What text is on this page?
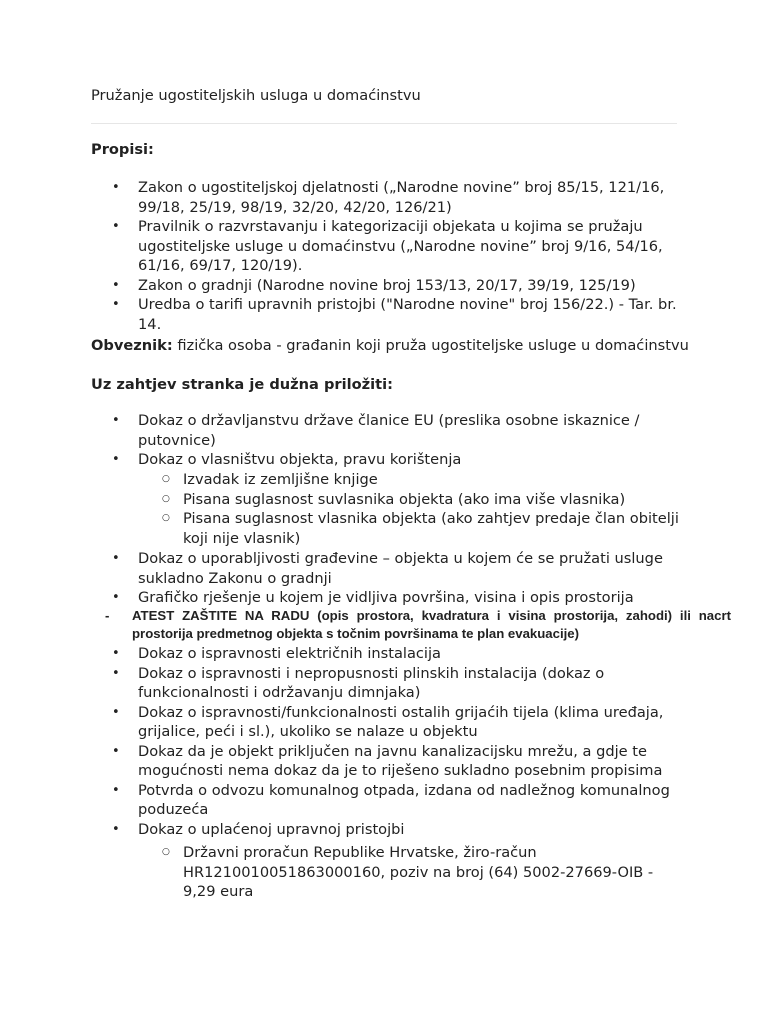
Pružanje ugostiteljskih usluga u domaćinstvu
Propisi:
• Zakon o ugostiteljskoj djelatnosti („Narodne novine” broj 85/15, 121/16, 99/18, 25/19, 98/19, 32/20, 42/20, 126/21)
• Pravilnik o razvrstavanju i kategorizaciji objekata u kojima se pružaju ugostiteljske usluge u domaćinstvu („Narodne novine” broj 9/16, 54/16, 61/16, 69/17, 120/19).
• Zakon o gradnji (Narodne novine broj 153/13, 20/17, 39/19, 125/19)
• Uredba o tarifi upravnih pristojbi ("Narodne novine" broj 156/22.) - Tar. br. 14.

Obveznik: fizička osoba - građanin koji pruža ugostiteljske usluge u domaćinstvu

Uz zahtjev stranka je dužna priložiti:
• Dokaz o državljanstvu države članice EU (preslika osobne iskaznice / putovnice)
• Dokaz o vlasništvu objekta, pravu korištenja
○ Izvadak iz zemljišne knjige
○ Pisana suglasnost suvlasnika objekta (ako ima više vlasnika)
○ Pisana suglasnost vlasnika objekta (ako zahtjev predaje član obitelji koji nije vlasnik)
• Dokaz o uporabljivosti građevine – objekta u kojem će se pružati usluge sukladno Zakonu o gradnji
• Grafičko rješenje u kojem je vidljiva površina, visina i opis prostorija

-	ATEST ZAŠTITE NA RADU (opis prostora, kvadratura i visina prostorija, zahodi) ili nacrt prostorija predmetnog objekta s točnim površinama te plan evakuacije)

• Dokaz o ispravnosti električnih instalacija
• Dokaz o ispravnosti i nepropusnosti plinskih instalacija (dokaz o funkcionalnosti i održavanju dimnjaka)
• Dokaz o ispravnosti/funkcionalnosti ostalih grijaćih tijela (klima uređaja, grijalice, peći i sl.), ukoliko se nalaze u objektu
• Dokaz da je objekt priključen na javnu kanalizacijsku mrežu, a gdje te mogućnosti nema dokaz da je to riješeno sukladno posebnim propisima
• Potvrda o odvozu komunalnog otpada, izdana od nadležnog komunalnog poduzeća
• Dokaz o uplaćenoj upravnoj pristojbi
○ Državni proračun Republike Hrvatske, žiro-račun HR1210010051863000160, poziv na broj (64) 5002-27669-OIB - 9,29 eura
